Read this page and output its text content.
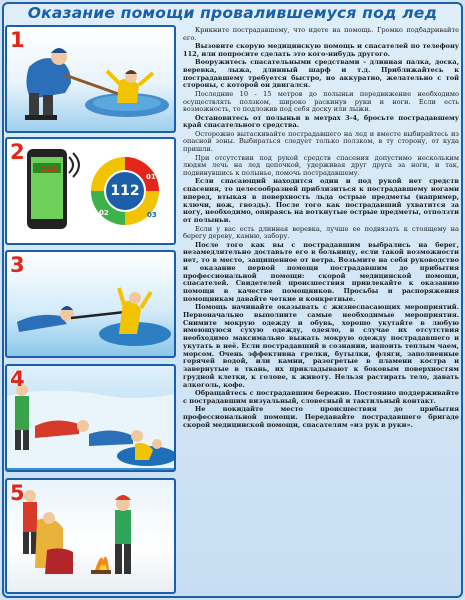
Оказание помощи провалившемуся под лед
1
2
112
112
01
02	03
3
4
5

Крикните пострадавшему, что идете на помощь. Громко подбадривайте его.

Вызовите скорую медицинскую помощь и спасателей по телефону 112, или попросите сделать это кого-нибудь другого.

Вооружитесь спасательными средствами - длинная палка, доска, веревка, лыжа, длинный шарф и т.д. Приближайтесь к пострадавшему требуется быстро, но аккуратно, желательно с той стороны, с которой он двигался.

Последние 10 - 15 метров до полыньи передвижение необходимо осуществлять ползком, широко раскинув руки и ноги. Если есть возможность, то подложив под себя доску или лыжи.

Остановитесь от полыньи в метрах 3-4, бросьте пострадавшему край спасательного средства.

Осторожно вытаскивайте пострадавшего на лед и вместе выбирайтесь из опасной зоны. Выбираться следует только ползком, в ту сторону, от куда пришли.

При отсутствии под рукой средств спасения допустимо нескольким людям лечь на лед цепочкой, удерживая друг друга за ноги, и так, подвинувшись к полынье, помочь пострадавшему.

Если спасающий находится один и под рукой нет средств спасения, то целесообразней приблизиться к пострадавшему ногами вперед, втыкая в поверхность льда острые предметы (например, ключи, нож, гвоздь). После того как пострадавший ухватится за ногу, необходимо, опираясь на воткнутые острые предметы, отползти от полыньи.

Если у вас есть длинная веревка, лучше ее подвязать к стоящему на берегу дереву, камню, забору.

После того как вы с пострадавшим выбрались на берег, незамедлительно доставьте его в больницу, если такой возможности нет, то в место, защищенное от ветра. Возьмите на себя руководство и оказание первой помощи пострадавшим до прибытия профессиональной помощи: скорой медицинской помощи, спасателей. Свидетелей происшествия привлекайте к оказанию помощи в качестве помощников. Просьбы и распоряжения помощникам давайте четкие и конкретные.

Помощь начинайте оказывать с жизнеспасающих мероприятий. Первоначально выполните самые необходимые мероприятия. Снимите мокрую одежду и обувь, хорошо укутайте в любую имеющуюся сухую одежду, одеяло, в случае их отсутствия необходимо максимально выжать мокрую одежду пострадавшего и укутать в неё. Если пострадавший в сознании, напоить теплым чаем, морсом. Очень эффективна грелки, бутылки, фляги, заполненные горячей водой, или камни, разогретые в пламени костра и завернутые в ткань, их прикладывают к боковым поверхностям грудной клетки, к голове, к животу. Нельзя растирать тело, давать алкоголь, кофе.

Обращайтесь с пострадавшим бережно. Постоянно поддерживайте с пострадавшим визуальный, словесный и тактильный контакт.

Не покидайте место происшествия до прибытия профессиональной помощи. Передавайте пострадавшего бригаде скорой медицинской помощи, спасателям «из рук в руки».
